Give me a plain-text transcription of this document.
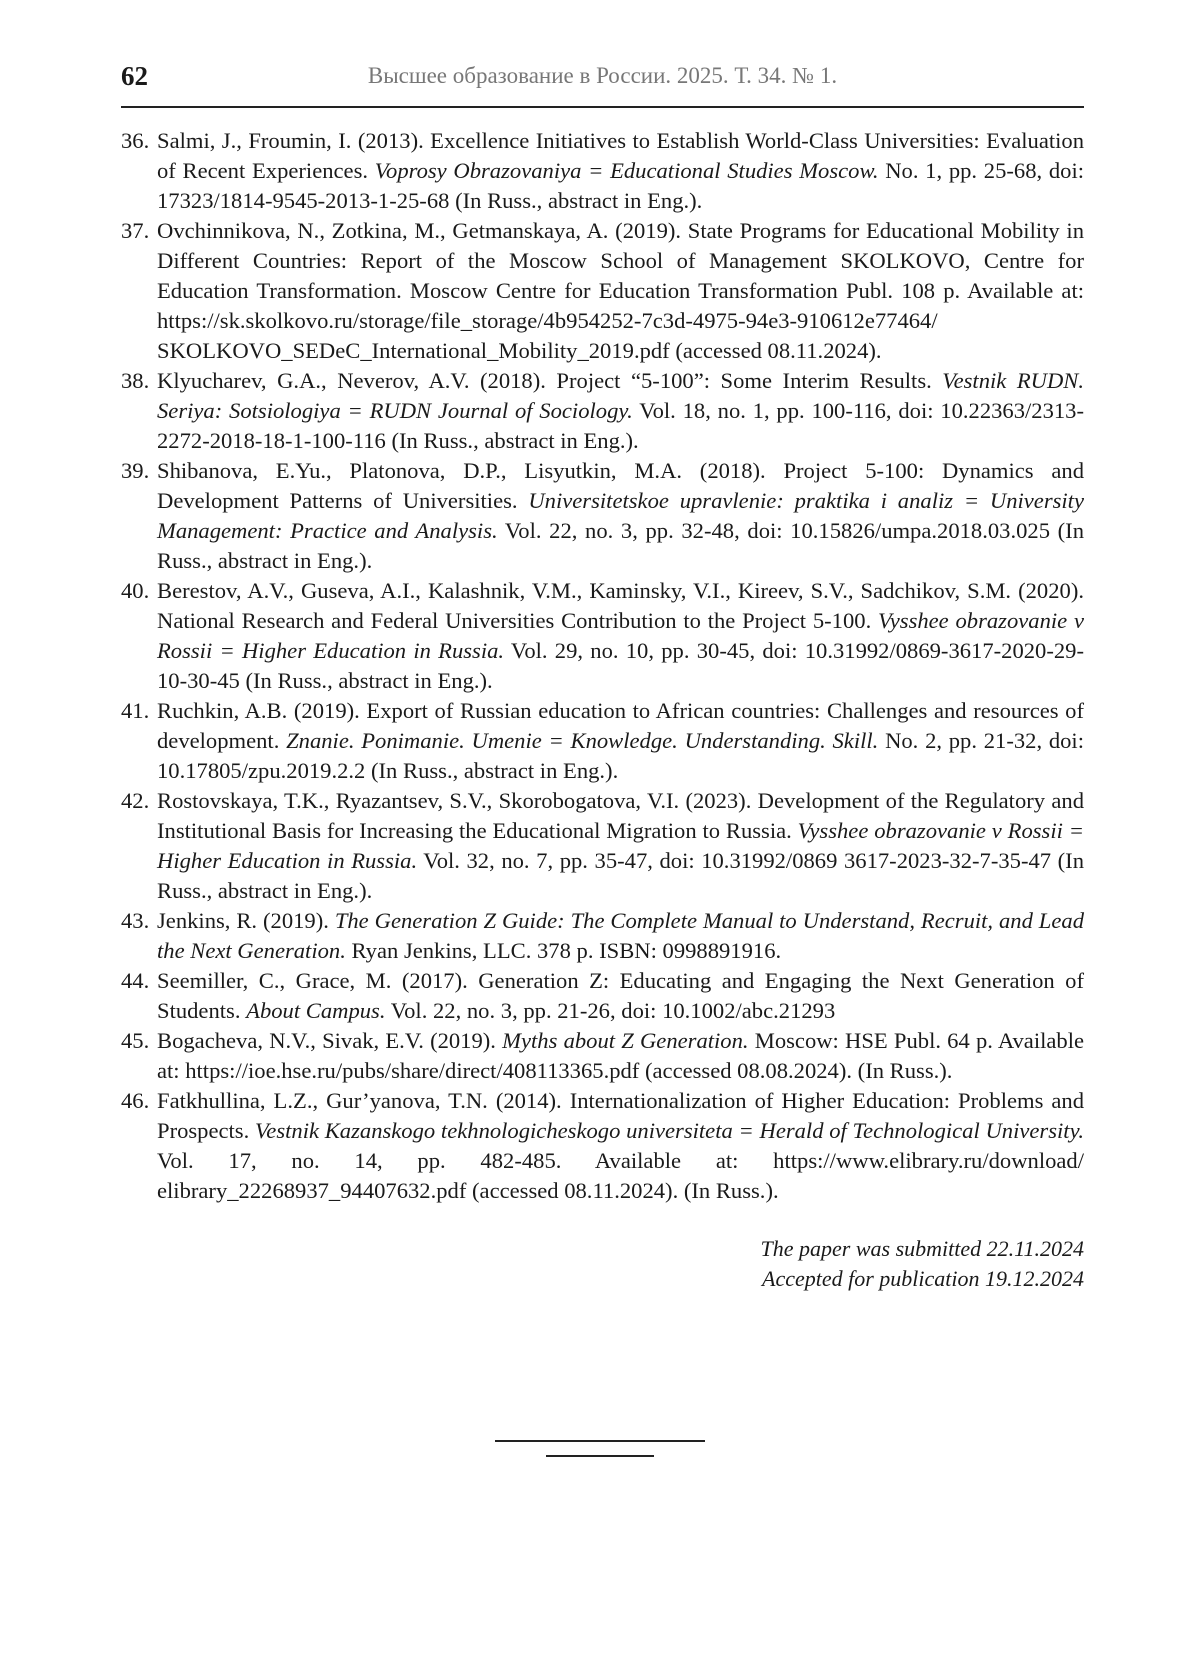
62	Высшее образование в России. 2025. Т. 34. № 1.
36. Salmi, J., Froumin, I. (2013). Excellence Initiatives to Establish World-Class Universities: Evaluation of Recent Experiences. Voprosy Obrazovaniya = Educational Studies Moscow. No. 1, pp. 25-68, doi: 17323/1814-9545-2013-1-25-68 (In Russ., abstract in Eng.).
37. Ovchinnikova, N., Zotkina, M., Getmanskaya, A. (2019). State Programs for Educational Mobility in Different Countries: Report of the Moscow School of Management SKOLKOVO, Centre for Education Transformation. Moscow Centre for Education Transformation Publ. 108 p. Available at: https://sk.skolkovo.ru/storage/file_storage/4b954252-7c3d-4975-94e3-910612e77464/ SKOLKOVO_SEDeC_International_Mobility_2019.pdf (accessed 08.11.2024).
38. Klyucharev, G.A., Neverov, A.V. (2018). Project “5-100”: Some Interim Results. Vestnik RUDN. Seriya: Sotsiologiya = RUDN Journal of Sociology. Vol. 18, no. 1, pp. 100-116, doi: 10.22363/2313-2272-2018-18-1-100-116 (In Russ., abstract in Eng.).
39. Shibanova, E.Yu., Platonova, D.P., Lisyutkin, M.A. (2018). Project 5-100: Dynamics and Development Patterns of Universities. Universitetskoe upravlenie: praktika i analiz = University Management: Practice and Analysis. Vol. 22, no. 3, pp. 32-48, doi: 10.15826/umpa.2018.03.025 (In Russ., abstract in Eng.).
40. Berestov, A.V., Guseva, A.I., Kalashnik, V.M., Kaminsky, V.I., Kireev, S.V., Sadchikov, S.M. (2020). National Research and Federal Universities Contribution to the Project 5-100. Vysshee obrazovanie v Rossii = Higher Education in Russia. Vol. 29, no. 10, pp. 30-45, doi: 10.31992/0869-3617-2020-29-10-30-45 (In Russ., abstract in Eng.).
41. Ruchkin, A.B. (2019). Export of Russian education to African countries: Challenges and resources of development. Znanie. Ponimanie. Umenie = Knowledge. Understanding. Skill. No. 2, pp. 21-32, doi: 10.17805/zpu.2019.2.2 (In Russ., abstract in Eng.).
42. Rostovskaya, T.K., Ryazantsev, S.V., Skorobogatova, V.I. (2023). Development of the Regulatory and Institutional Basis for Increasing the Educational Migration to Russia. Vysshee obrazovanie v Rossii = Higher Education in Russia. Vol. 32, no. 7, pp. 35-47, doi: 10.31992/0869 3617-2023-32-7-35-47 (In Russ., abstract in Eng.).
43. Jenkins, R. (2019). The Generation Z Guide: The Complete Manual to Understand, Recruit, and Lead the Next Generation. Ryan Jenkins, LLC. 378 p. ISBN: 0998891916.
44. Seemiller, C., Grace, M. (2017). Generation Z: Educating and Engaging the Next Generation of Students. About Campus. Vol. 22, no. 3, pp. 21-26, doi: 10.1002/abc.21293
45. Bogacheva, N.V., Sivak, E.V. (2019). Myths about Z Generation. Moscow: HSE Publ. 64 p. Available at: https://ioe.hse.ru/pubs/share/direct/408113365.pdf (accessed 08.08.2024). (In Russ.).
46. Fatkhullina, L.Z., Gur’yanova, T.N. (2014). Internationalization of Higher Education: Problems and Prospects. Vestnik Kazanskogo tekhnologicheskogo universiteta = Herald of Technological University. Vol. 17, no. 14, pp. 482-485. Available at: https://www.elibrary.ru/download/ elibrary_22268937_94407632.pdf (accessed 08.11.2024). (In Russ.).
The paper was submitted 22.11.2024
Accepted for publication 19.12.2024
